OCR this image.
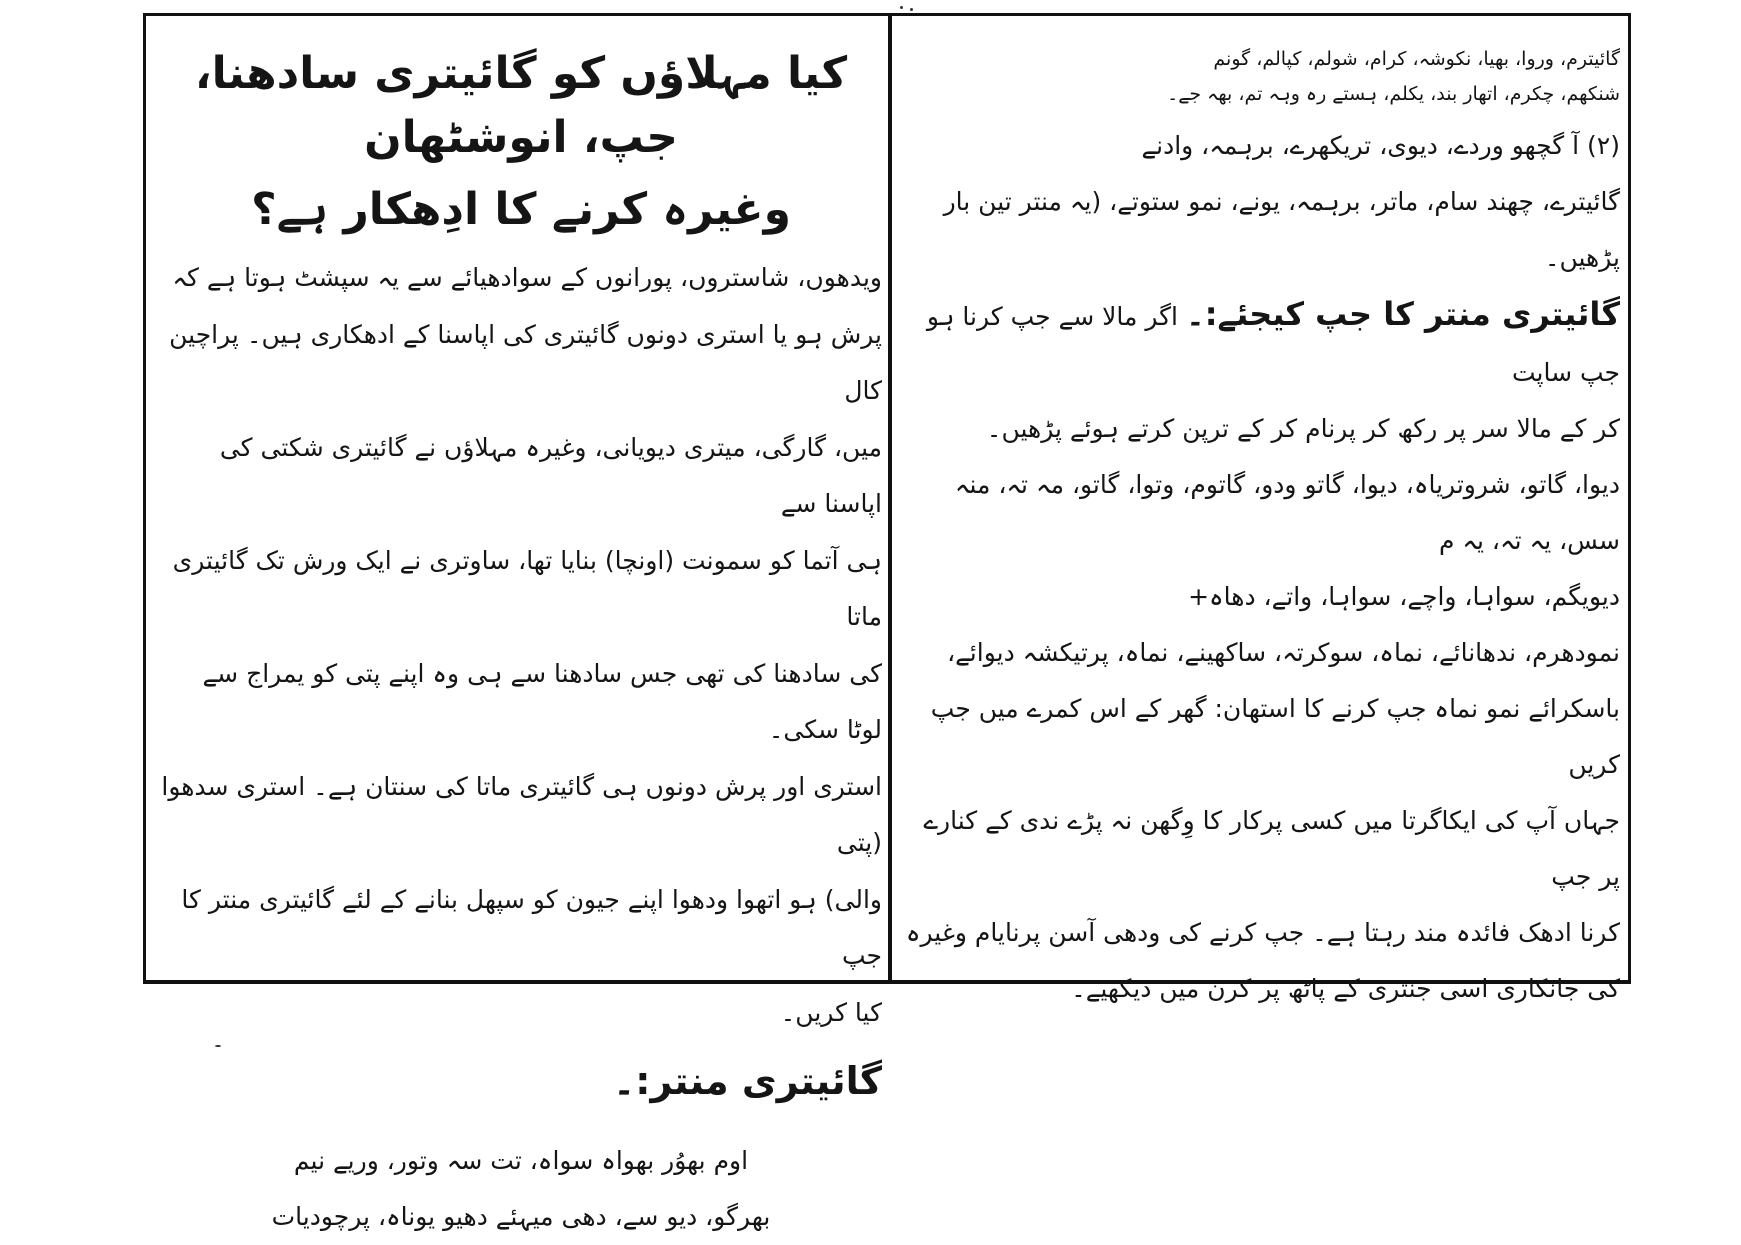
کیا مہلاؤں کو گائیتری سادھنا، جپ، انوشٹھان
وغیرہ کرنے کا ادِھکار ہے؟

ویدھوں، شاستروں، پورانوں کے سوادھیائے سے یہ سپشٹ ہوتا ہے کہ

پرش ہو یا استری دونوں گائیتری کی اپاسنا کے ادھکاری ہیں۔ پراچین کال

میں، گارگی، میتری دیویانی، وغیرہ مہلاؤں نے گائیتری شکتی کی اپاسنا سے

ہی آتما کو سمونت (اونچا) بنایا تھا، ساوتری نے ایک ورش تک گائیتری ماتا

کی سادھنا کی تھی جس سادھنا سے ہی وہ اپنے پتی کو یمراج سے لوٹا سکی۔

استری اور پرش دونوں ہی گائیتری ماتا کی سنتان ہے۔ استری سدھوا (پتی

والی) ہو اتھوا ودھوا اپنے جیون کو سپھل بنانے کے لئے گائیتری منتر کا جپ

کیا کریں۔

گائیتری منتر:۔

اوم بھوُر بھواہ سواہ، تت سہ وتور، وریے نیم

بھرگو، دیو سے، دھی میہئے دھیو یوناہ، پرچودیات

گائیترم، وروا، بھیا، نکوشہ، کرام، شولم، کپالم، گونم

شنکھم، چکرم، اتھار بند، یکلم، ہستے رہ وہہ تم، بھہ جے۔

(۲) آ گچھو وردے، دیوی، تریکھرے، برہمہ، وادنے

گائیترے، چھند سام، ماتر، برہمہ، یونے، نمو ستوتے، (یہ منتر تین بار پڑھیں۔

گائیتری منتر کا جپ کیجئے:۔ اگر مالا سے جپ کرنا ہو جپ ساپت

کر کے مالا سر پر رکھ کر پرنام کر کے ترپن کرتے ہوئے پڑھیں۔

دیوا، گاتو، شروتریاہ، دیوا، گاتو ودو، گاتوم، وتوا، گاتو، مہ تہ، منہ سس، یہ تہ، یہ م

دیویگم، سواہا، واچے، سواہا، واتے، دھاہ+

نمودھرم، ندھانائے، نماہ، سوکرتہ، ساکھینے، نماہ، پرتیکشہ دیوائے،

باسکرائے نمو نماہ جپ کرنے کا استھان: گھر کے اس کمرے میں جپ کریں

جہاں آپ کی ایکاگرتا میں کسی پرکار کا وِگھن نہ پڑے ندی کے کنارے پر جپ

کرنا ادھک فائدہ مند رہتا ہے۔ جپ کرنے کی ودھی آسن پرنایام وغیرہ

کی جانکاری اسی جنتری کے پاٹھ پر کرن میں دیکھیے۔
